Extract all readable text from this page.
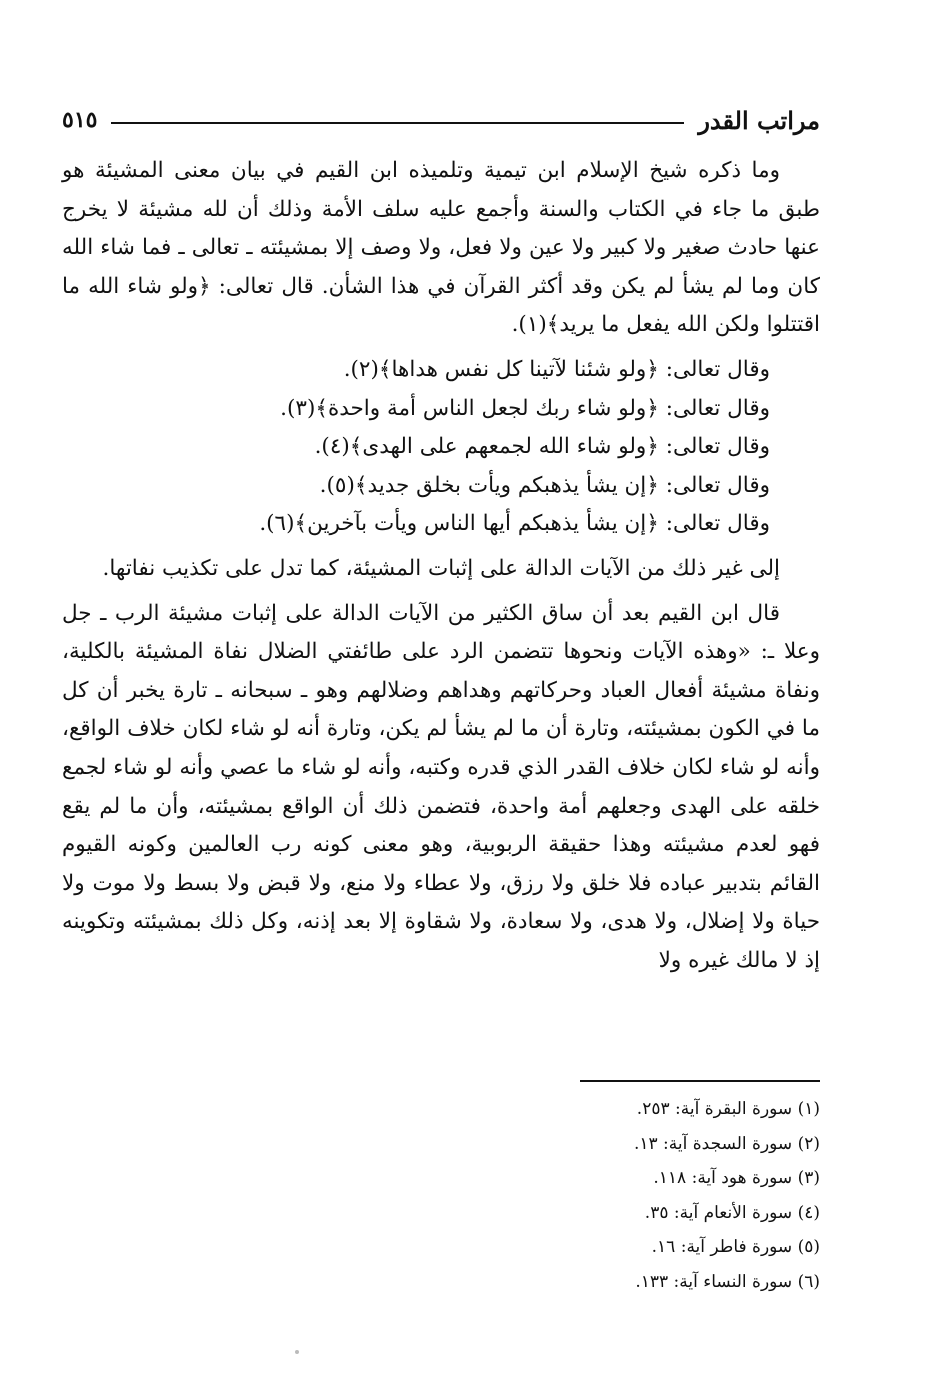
مراتب القدر
٥١٥

وما ذكره شيخ الإسلام ابن تيمية وتلميذه ابن القيم في بيان معنى المشيئة هو طبق ما جاء في الكتاب والسنة وأجمع عليه سلف الأمة وذلك أن لله مشيئة لا يخرج عنها حادث صغير ولا كبير ولا عين ولا فعل، ولا وصف إلا بمشيئته ـ تعالى ـ فما شاء الله كان وما لم يشأ لم يكن وقد أكثر القرآن في هذا الشأن. قال تعالى: ﴿ولو شاء الله ما اقتتلوا ولكن الله يفعل ما يريد﴾(١).

وقال تعالى: ﴿ولو شئنا لآتينا كل نفس هداها﴾(٢).

وقال تعالى: ﴿ولو شاء ربك لجعل الناس أمة واحدة﴾(٣).

وقال تعالى: ﴿ولو شاء الله لجمعهم على الهدى﴾(٤).

وقال تعالى: ﴿إن يشأ يذهبكم ويأت بخلق جديد﴾(٥).

وقال تعالى: ﴿إن يشأ يذهبكم أيها الناس ويأت بآخرين﴾(٦).

إلى غير ذلك من الآيات الدالة على إثبات المشيئة، كما تدل على تكذيب نفاتها.

قال ابن القيم بعد أن ساق الكثير من الآيات الدالة على إثبات مشيئة الرب ـ جل وعلا ـ: «وهذه الآيات ونحوها تتضمن الرد على طائفتي الضلال نفاة المشيئة بالكلية، ونفاة مشيئة أفعال العباد وحركاتهم وهداهم وضلالهم وهو ـ سبحانه ـ تارة يخبر أن كل ما في الكون بمشيئته، وتارة أن ما لم يشأ لم يكن، وتارة أنه لو شاء لكان خلاف الواقع، وأنه لو شاء لكان خلاف القدر الذي قدره وكتبه، وأنه لو شاء ما عصي وأنه لو شاء لجمع خلقه على الهدى وجعلهم أمة واحدة، فتضمن ذلك أن الواقع بمشيئته، وأن ما لم يقع فهو لعدم مشيئته وهذا حقيقة الربوبية، وهو معنى كونه رب العالمين وكونه القيوم القائم بتدبير عباده فلا خلق ولا رزق، ولا عطاء ولا منع، ولا قبض ولا بسط ولا موت ولا حياة ولا إضلال، ولا هدى، ولا سعادة، ولا شقاوة إلا بعد إذنه، وكل ذلك بمشيئته وتكوينه إذ لا مالك غيره ولا

(١) سورة البقرة آية: ٢٥٣.
(٢) سورة السجدة آية: ١٣.
(٣) سورة هود آية: ١١٨.
(٤) سورة الأنعام آية: ٣٥.
(٥) سورة فاطر آية: ١٦.
(٦) سورة النساء آية: ١٣٣.
